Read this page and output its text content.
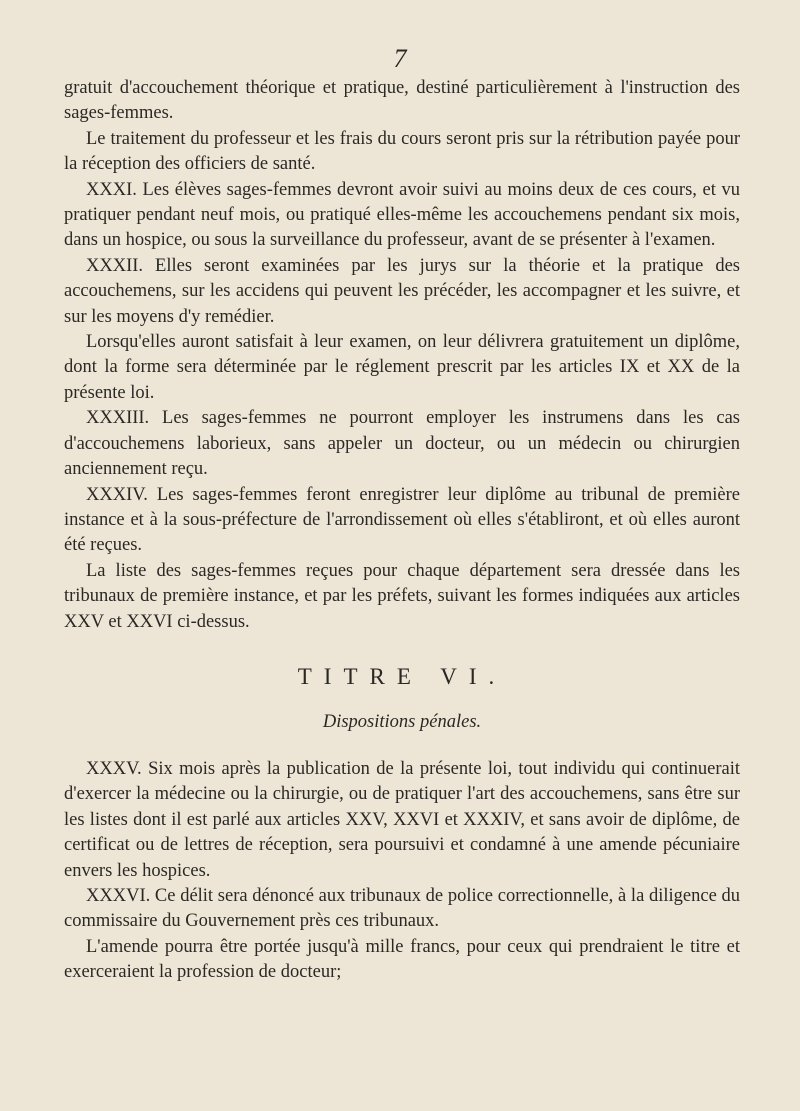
7

gratuit d'accouchement théorique et pratique, destiné particulièrement à l'instruction des sages-femmes.

Le traitement du professeur et les frais du cours seront pris sur la rétribution payée pour la réception des officiers de santé.

XXXI. Les élèves sages-femmes devront avoir suivi au moins deux de ces cours, et vu pratiquer pendant neuf mois, ou pratiqué elles-même les accouchemens pendant six mois, dans un hospice, ou sous la surveillance du professeur, avant de se présenter à l'examen.

XXXII. Elles seront examinées par les jurys sur la théorie et la pratique des accouchemens, sur les accidens qui peuvent les précéder, les accompagner et les suivre, et sur les moyens d'y remédier.

Lorsqu'elles auront satisfait à leur examen, on leur délivrera gratuitement un diplôme, dont la forme sera déterminée par le réglement prescrit par les articles IX et XX de la présente loi.

XXXIII. Les sages-femmes ne pourront employer les instrumens dans les cas d'accouchemens laborieux, sans appeler un docteur, ou un médecin ou chirurgien anciennement reçu.

XXXIV. Les sages-femmes feront enregistrer leur diplôme au tribunal de première instance et à la sous-préfecture de l'arrondissement où elles s'établiront, et où elles auront été reçues.

La liste des sages-femmes reçues pour chaque département sera dressée dans les tribunaux de première instance, et par les préfets, suivant les formes indiquées aux articles XXV et XXVI ci-dessus.

TITRE VI.
Dispositions pénales.

XXXV. Six mois après la publication de la présente loi, tout individu qui continuerait d'exercer la médecine ou la chirurgie, ou de pratiquer l'art des accouchemens, sans être sur les listes dont il est parlé aux articles XXV, XXVI et XXXIV, et sans avoir de diplôme, de certificat ou de lettres de réception, sera poursuivi et condamné à une amende pécuniaire envers les hospices.

XXXVI. Ce délit sera dénoncé aux tribunaux de police correctionnelle, à la diligence du commissaire du Gouvernement près ces tribunaux.

L'amende pourra être portée jusqu'à mille francs, pour ceux qui prendraient le titre et exerceraient la profession de docteur;
